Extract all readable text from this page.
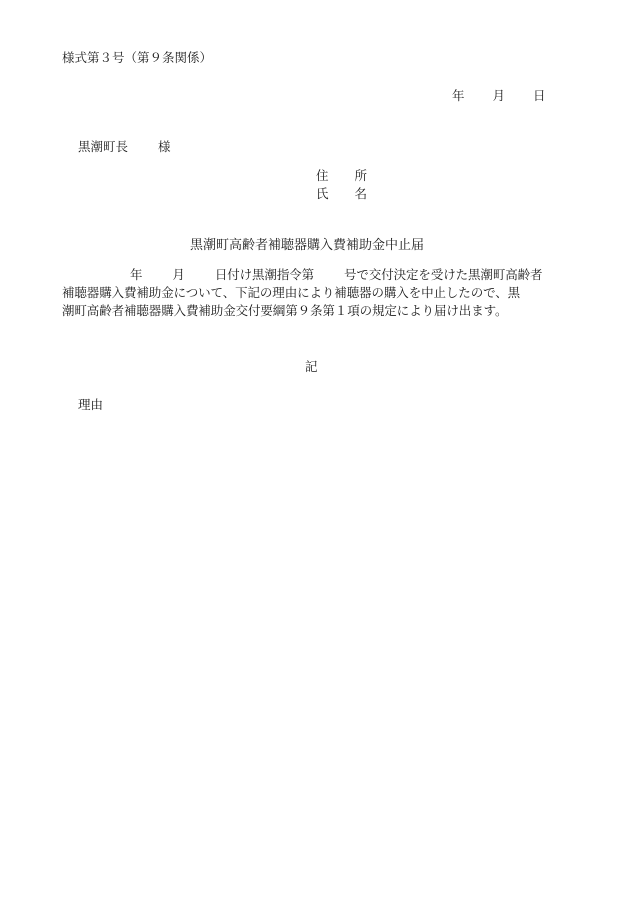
様式第３号（第９条関係）
年 月 日
黒潮町長 様
住 所
氏 名
黒潮町高齢者補聴器購入費補助金中止届
年 月 日付け黒潮指令第 号で交付決定を受けた黒潮町高齢者
補聴器購入費補助金について、下記の理由により補聴器の購入を中止したので、黒
潮町高齢者補聴器購入費補助金交付要綱第９条第１項の規定により届け出ます。
記
理由
